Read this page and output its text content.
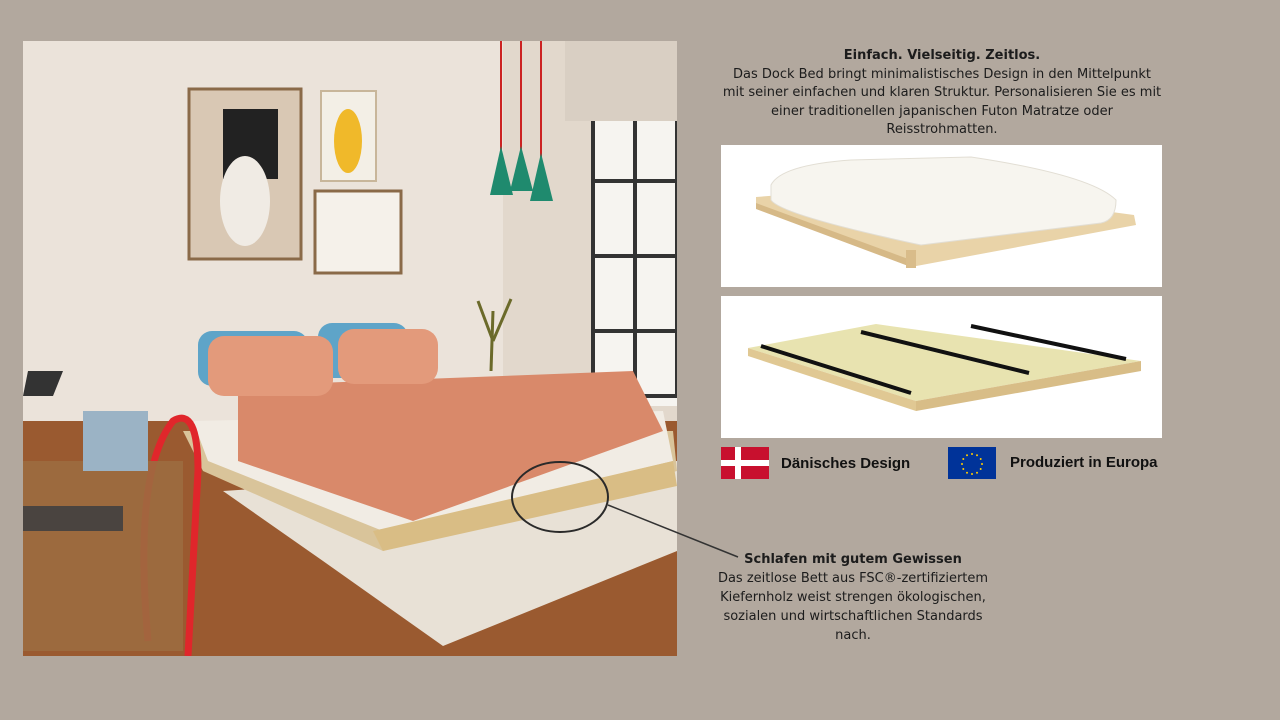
Einfach. Vielseitig. Zeitlos.
Das Dock Bed bringt minimalistisches Design in den Mittelpunkt mit seiner einfachen und klaren Struktur. Personalisieren Sie es mit einer traditionellen japanischen Futon Matratze oder Reisstrohmatten.
Dänisches Design	Produziert in Europa
Schlafen mit gutem Gewissen
Das zeitlose Bett aus FSC®-zertifiziertem Kiefernholz weist strengen ökologischen, sozialen und wirtschaftlichen Standards nach.
